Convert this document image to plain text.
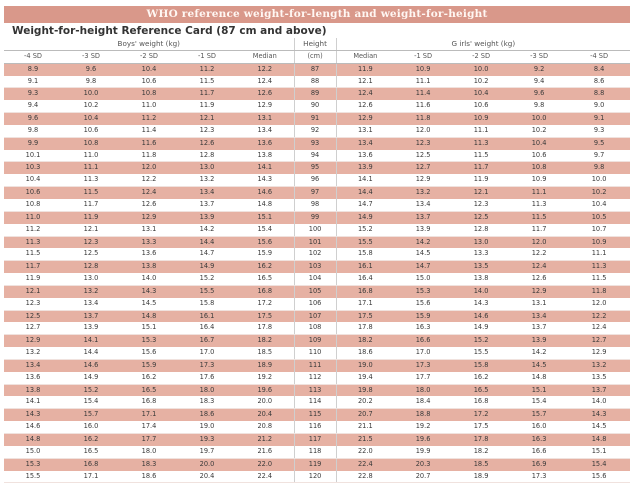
WHO reference weight-for-length and weight-for-height
Weight-for-height Reference Card (87 cm and above)
Boys' weight (kg)					Height	G irls' weight (kg)				
-4 SD	-3 SD	-2 SD	-1 SD	Median	(cm)	Median	-1 SD	-2 SD	-3 SD	-4 SD
8.9	9.6	10.4	11.2	12.2	87	11.9	10.9	10.0	9.2	8.4
9.1	9.8	10.6	11.5	12.4	88	12.1	11.1	10.2	9.4	8.6
9.3	10.0	10.8	11.7	12.6	89	12.4	11.4	10.4	9.6	8.8
9.4	10.2	11.0	11.9	12.9	90	12.6	11.6	10.6	9.8	9.0
9.6	10.4	11.2	12.1	13.1	91	12.9	11.8	10.9	10.0	9.1
9.8	10.6	11.4	12.3	13.4	92	13.1	12.0	11.1	10.2	9.3
9.9	10.8	11.6	12.6	13.6	93	13.4	12.3	11.3	10.4	9.5
10.1	11.0	11.8	12.8	13.8	94	13.6	12.5	11.5	10.6	9.7
10.3	11.1	12.0	13.0	14.1	95	13.9	12.7	11.7	10.8	9.8
10.4	11.3	12.2	13.2	14.3	96	14.1	12.9	11.9	10.9	10.0
10.6	11.5	12.4	13.4	14.6	97	14.4	13.2	12.1	11.1	10.2
10.8	11.7	12.6	13.7	14.8	98	14.7	13.4	12.3	11.3	10.4
11.0	11.9	12.9	13.9	15.1	99	14.9	13.7	12.5	11.5	10.5
11.2	12.1	13.1	14.2	15.4	100	15.2	13.9	12.8	11.7	10.7
11.3	12.3	13.3	14.4	15.6	101	15.5	14.2	13.0	12.0	10.9
11.5	12.5	13.6	14.7	15.9	102	15.8	14.5	13.3	12.2	11.1
11.7	12.8	13.8	14.9	16.2	103	16.1	14.7	13.5	12.4	11.3
11.9	13.0	14.0	15.2	16.5	104	16.4	15.0	13.8	12.6	11.5
12.1	13.2	14.3	15.5	16.8	105	16.8	15.3	14.0	12.9	11.8
12.3	13.4	14.5	15.8	17.2	106	17.1	15.6	14.3	13.1	12.0
12.5	13.7	14.8	16.1	17.5	107	17.5	15.9	14.6	13.4	12.2
12.7	13.9	15.1	16.4	17.8	108	17.8	16.3	14.9	13.7	12.4
12.9	14.1	15.3	16.7	18.2	109	18.2	16.6	15.2	13.9	12.7
13.2	14.4	15.6	17.0	18.5	110	18.6	17.0	15.5	14.2	12.9
13.4	14.6	15.9	17.3	18.9	111	19.0	17.3	15.8	14.5	13.2
13.6	14.9	16.2	17.6	19.2	112	19.4	17.7	16.2	14.8	13.5
13.8	15.2	16.5	18.0	19.6	113	19.8	18.0	16.5	15.1	13.7
14.1	15.4	16.8	18.3	20.0	114	20.2	18.4	16.8	15.4	14.0
14.3	15.7	17.1	18.6	20.4	115	20.7	18.8	17.2	15.7	14.3
14.6	16.0	17.4	19.0	20.8	116	21.1	19.2	17.5	16.0	14.5
14.8	16.2	17.7	19.3	21.2	117	21.5	19.6	17.8	16.3	14.8
15.0	16.5	18.0	19.7	21.6	118	22.0	19.9	18.2	16.6	15.1
15.3	16.8	18.3	20.0	22.0	119	22.4	20.3	18.5	16.9	15.4
15.5	17.1	18.6	20.4	22.4	120	22.8	20.7	18.9	17.3	15.6
